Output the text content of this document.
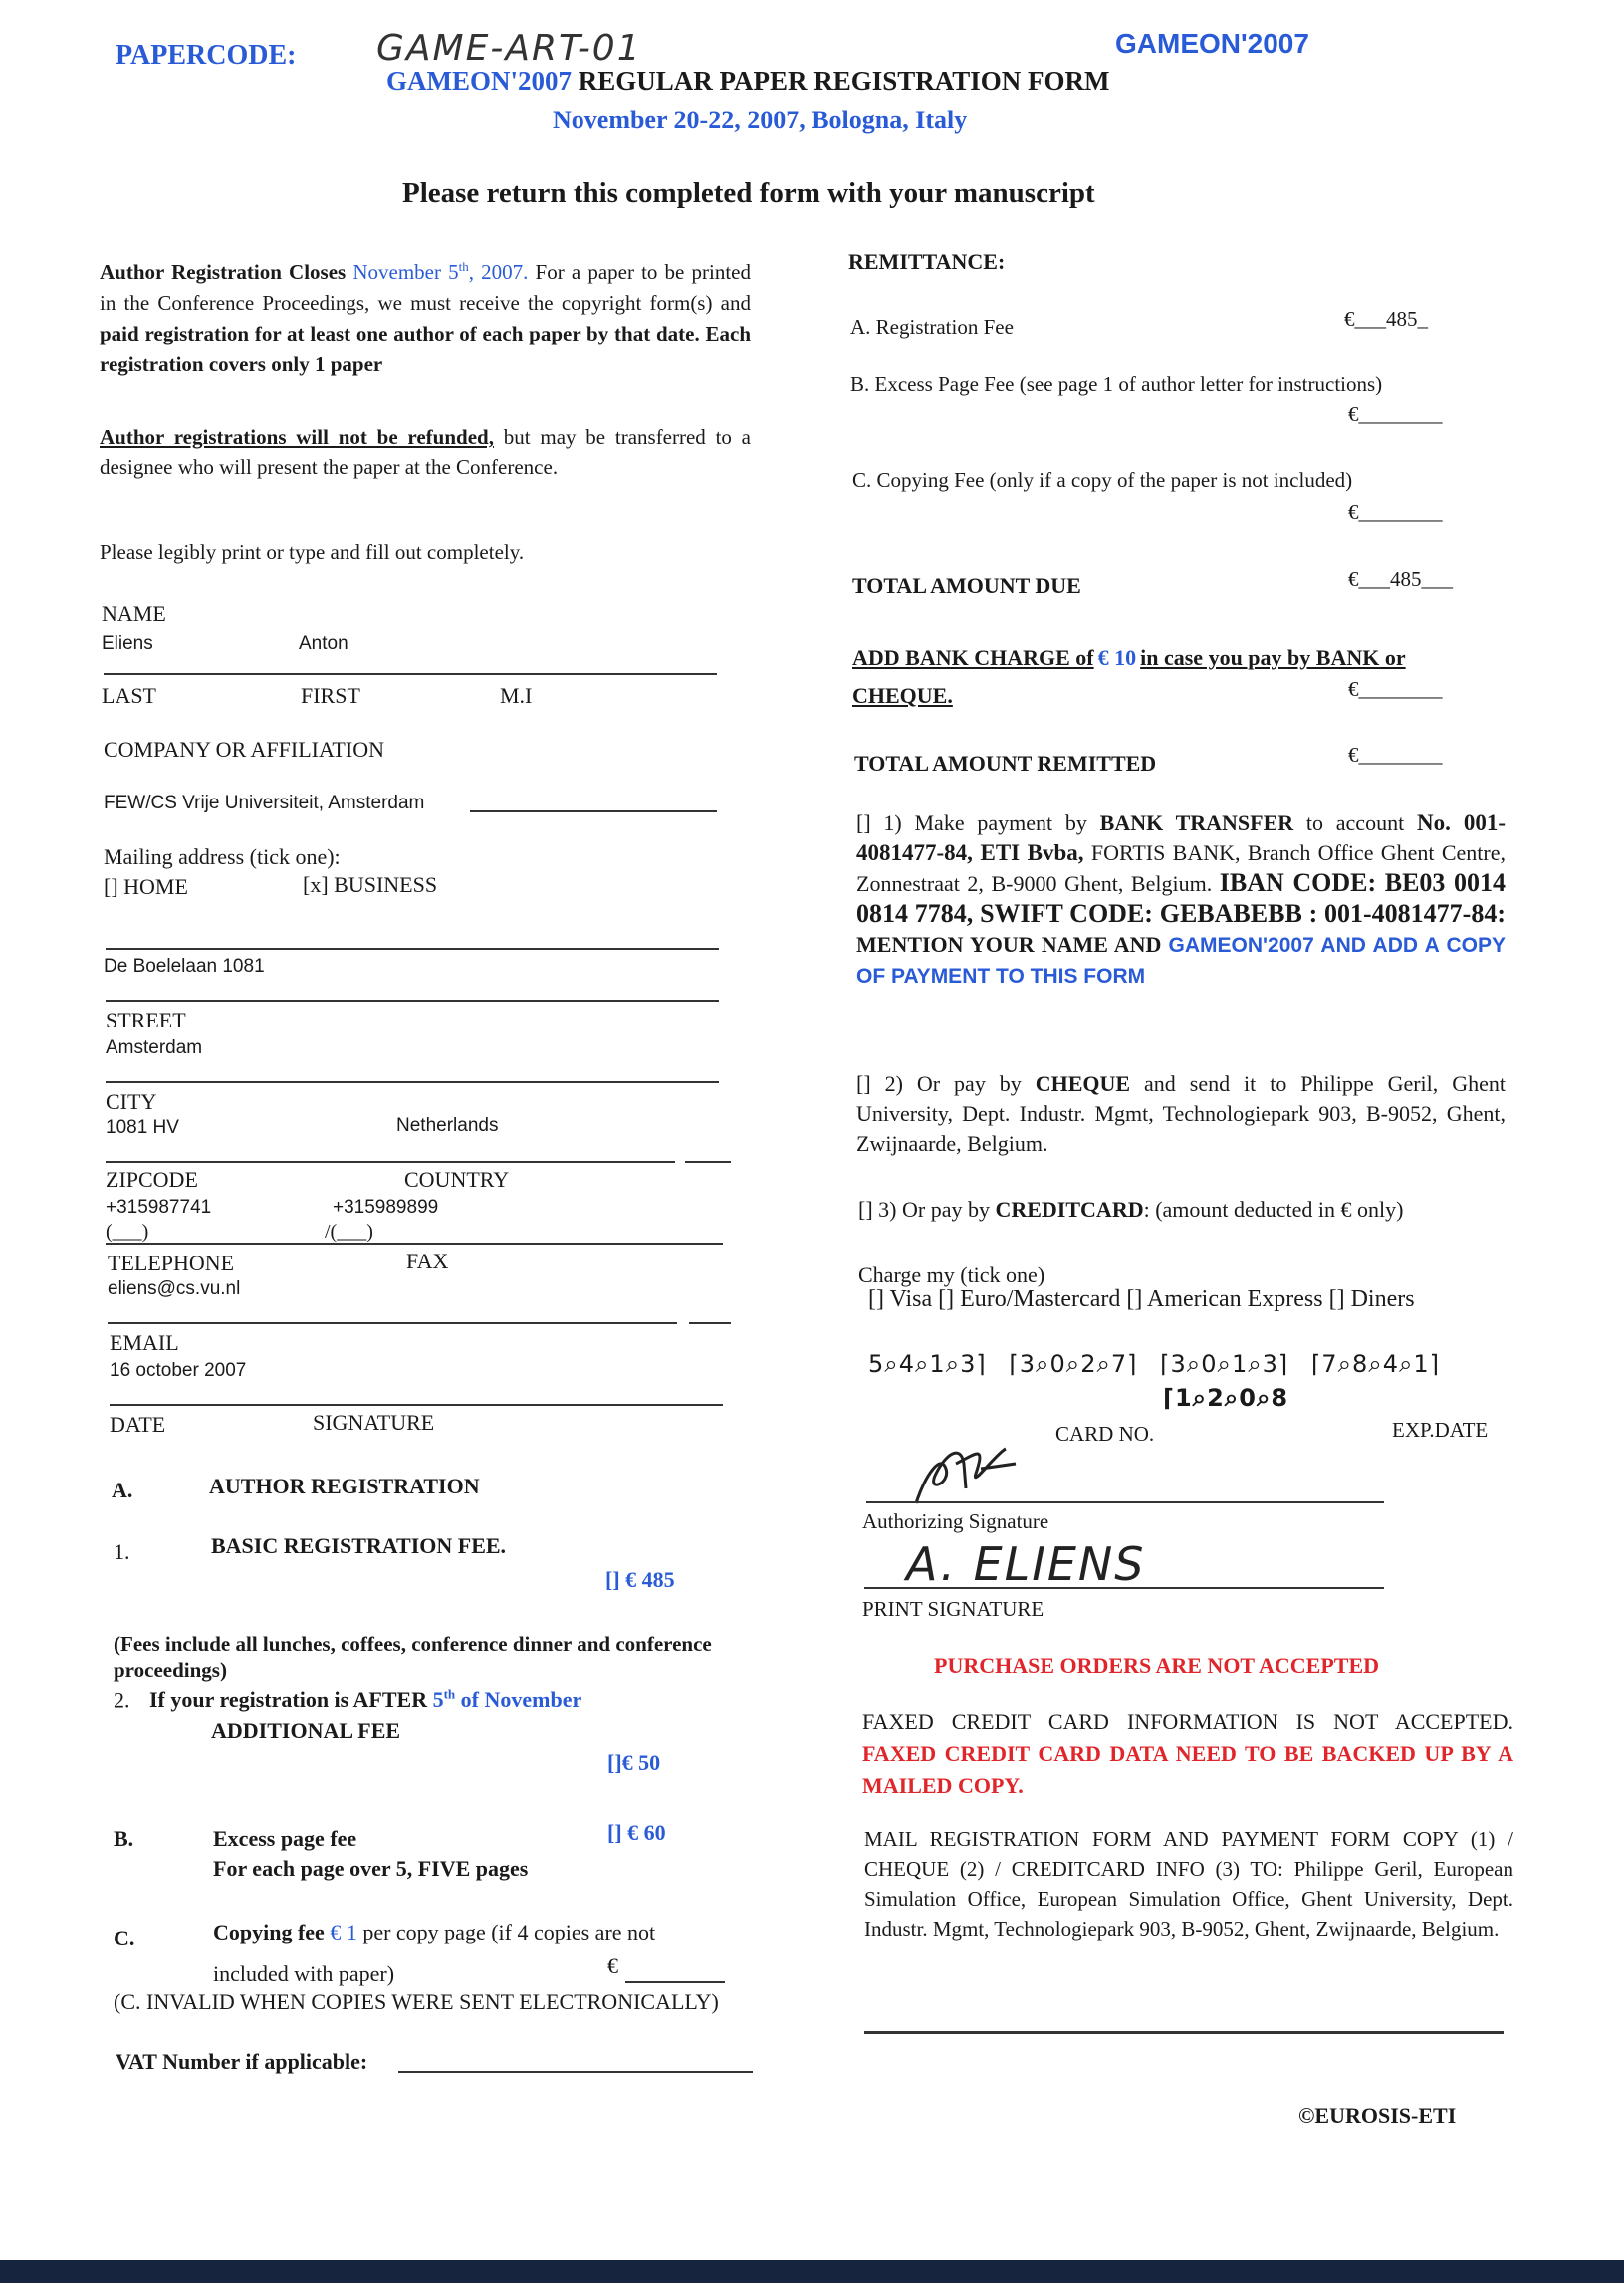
PAPERCODE: GAME-ART-01	GAMEON'2007
GAMEON'2007 REGULAR PAPER REGISTRATION FORM
November 20-22, 2007, Bologna, Italy
Please return this completed form with your manuscript
Author Registration Closes November 5th, 2007. For a paper to be printed in the Conference Proceedings, we must receive the copyright form(s) and paid registration for at least one author of each paper by that date. Each registration covers only 1 paper
Author registrations will not be refunded, but may be transferred to a designee who will present the paper at the Conference.
Please legibly print or type and fill out completely.
NAME
Eliens	Anton
LAST	FIRST	M.I
COMPANY OR AFFILIATION
FEW/CS Vrije Universiteit, Amsterdam
Mailing address (tick one):
[] HOME	[x] BUSINESS
De Boelelaan 1081
STREET
Amsterdam
CITY
1081 HV	Netherlands
ZIPCODE	COUNTRY
+315987741	+315989899
(___)	/(___)
TELEPHONE	FAX
eliens@cs.vu.nl
EMAIL
16 october 2007
DATE	SIGNATURE
A.	AUTHOR REGISTRATION
1.	BASIC REGISTRATION FEE.
[] € 485
(Fees include all lunches, coffees, conference dinner and conference proceedings)
2. If your registration is AFTER 5th of November
ADDITIONAL FEE
[]€ 50
B.	Excess page fee	[] € 60
For each page over 5, FIVE pages
C.	Copying fee € 1 per copy page (if 4 copies are not
included with paper)	€
(C. INVALID WHEN COPIES WERE SENT ELECTRONICALLY)
VAT Number if applicable:
REMITTANCE:
A. Registration Fee	€___485_
B. Excess Page Fee (see page 1 of author letter for instructions)
€________
C. Copying Fee (only if a copy of the paper is not included)
€________
TOTAL AMOUNT DUE	€___485___
ADD BANK CHARGE of € 10 in case you pay by BANK or CHEQUE.	€________
TOTAL AMOUNT REMITTED	€________
[] 1) Make payment by BANK TRANSFER to account No. 001-4081477-84, ETI Bvba, FORTIS BANK, Branch Office Ghent Centre, Zonnestraat 2, B-9000 Ghent, Belgium. IBAN CODE: BE03 0014 0814 7784, SWIFT CODE: GEBABEBB : 001-4081477-84: MENTION YOUR NAME AND GAMEON'2007 AND ADD A COPY OF PAYMENT TO THIS FORM
[] 2) Or pay by CHEQUE and send it to Philippe Geril, Ghent University, Dept. Industr. Mgmt, Technologiepark 903, B-9052, Ghent, Zwijnaarde, Belgium.
[] 3) Or pay by CREDITCARD: (amount deducted in € only)
Charge my (tick one)
[] Visa [] Euro/Mastercard [] American Express [] Diners
5⌕4⌕1⌕3⌉ ⌈3⌕0⌕2⌕7⌉ ⌈3⌕0⌕1⌕3⌉ ⌈7⌕8⌕4⌕1⌉
⌈1⌕2⌕0⌕8
CARD NO.	EXP.DATE
Authorizing Signature
A. ELIENS
PRINT SIGNATURE
PURCHASE ORDERS ARE NOT ACCEPTED
FAXED CREDIT CARD INFORMATION IS NOT ACCEPTED. FAXED CREDIT CARD DATA NEED TO BE BACKED UP BY A MAILED COPY.
MAIL REGISTRATION FORM AND PAYMENT FORM COPY (1) / CHEQUE (2) / CREDITCARD INFO (3) TO: Philippe Geril, European Simulation Office, European Simulation Office, Ghent University, Dept. Industr. Mgmt, Technologiepark 903, B-9052, Ghent, Zwijnaarde, Belgium.
©EUROSIS-ETI
